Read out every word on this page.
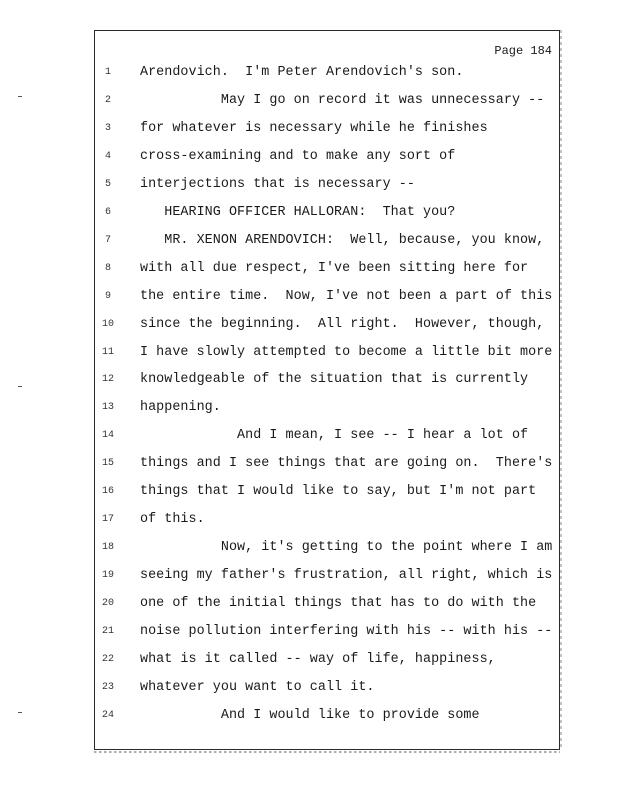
Page 184
1	Arendovich.  I'm Peter Arendovich's son.
2	May I go on record it was unnecessary --
3	for whatever is necessary while he finishes
4	cross-examining and to make any sort of
5	interjections that is necessary --
6	HEARING OFFICER HALLORAN:  That you?
7	MR. XENON ARENDOVICH:  Well, because, you know,
8	with all due respect, I've been sitting here for
9	the entire time.  Now, I've not been a part of this
10 since the beginning.  All right.  However, though,
11 I have slowly attempted to become a little bit more
12 knowledgeable of the situation that is currently
13 happening.
14 And I mean, I see -- I hear a lot of
15 things and I see things that are going on.  There's
16 things that I would like to say, but I'm not part
17 of this.
18 Now, it's getting to the point where I am
19 seeing my father's frustration, all right, which is
20 one of the initial things that has to do with the
21 noise pollution interfering with his -- with his --
22 what is it called -- way of life, happiness,
23 whatever you want to call it.
24 And I would like to provide some
